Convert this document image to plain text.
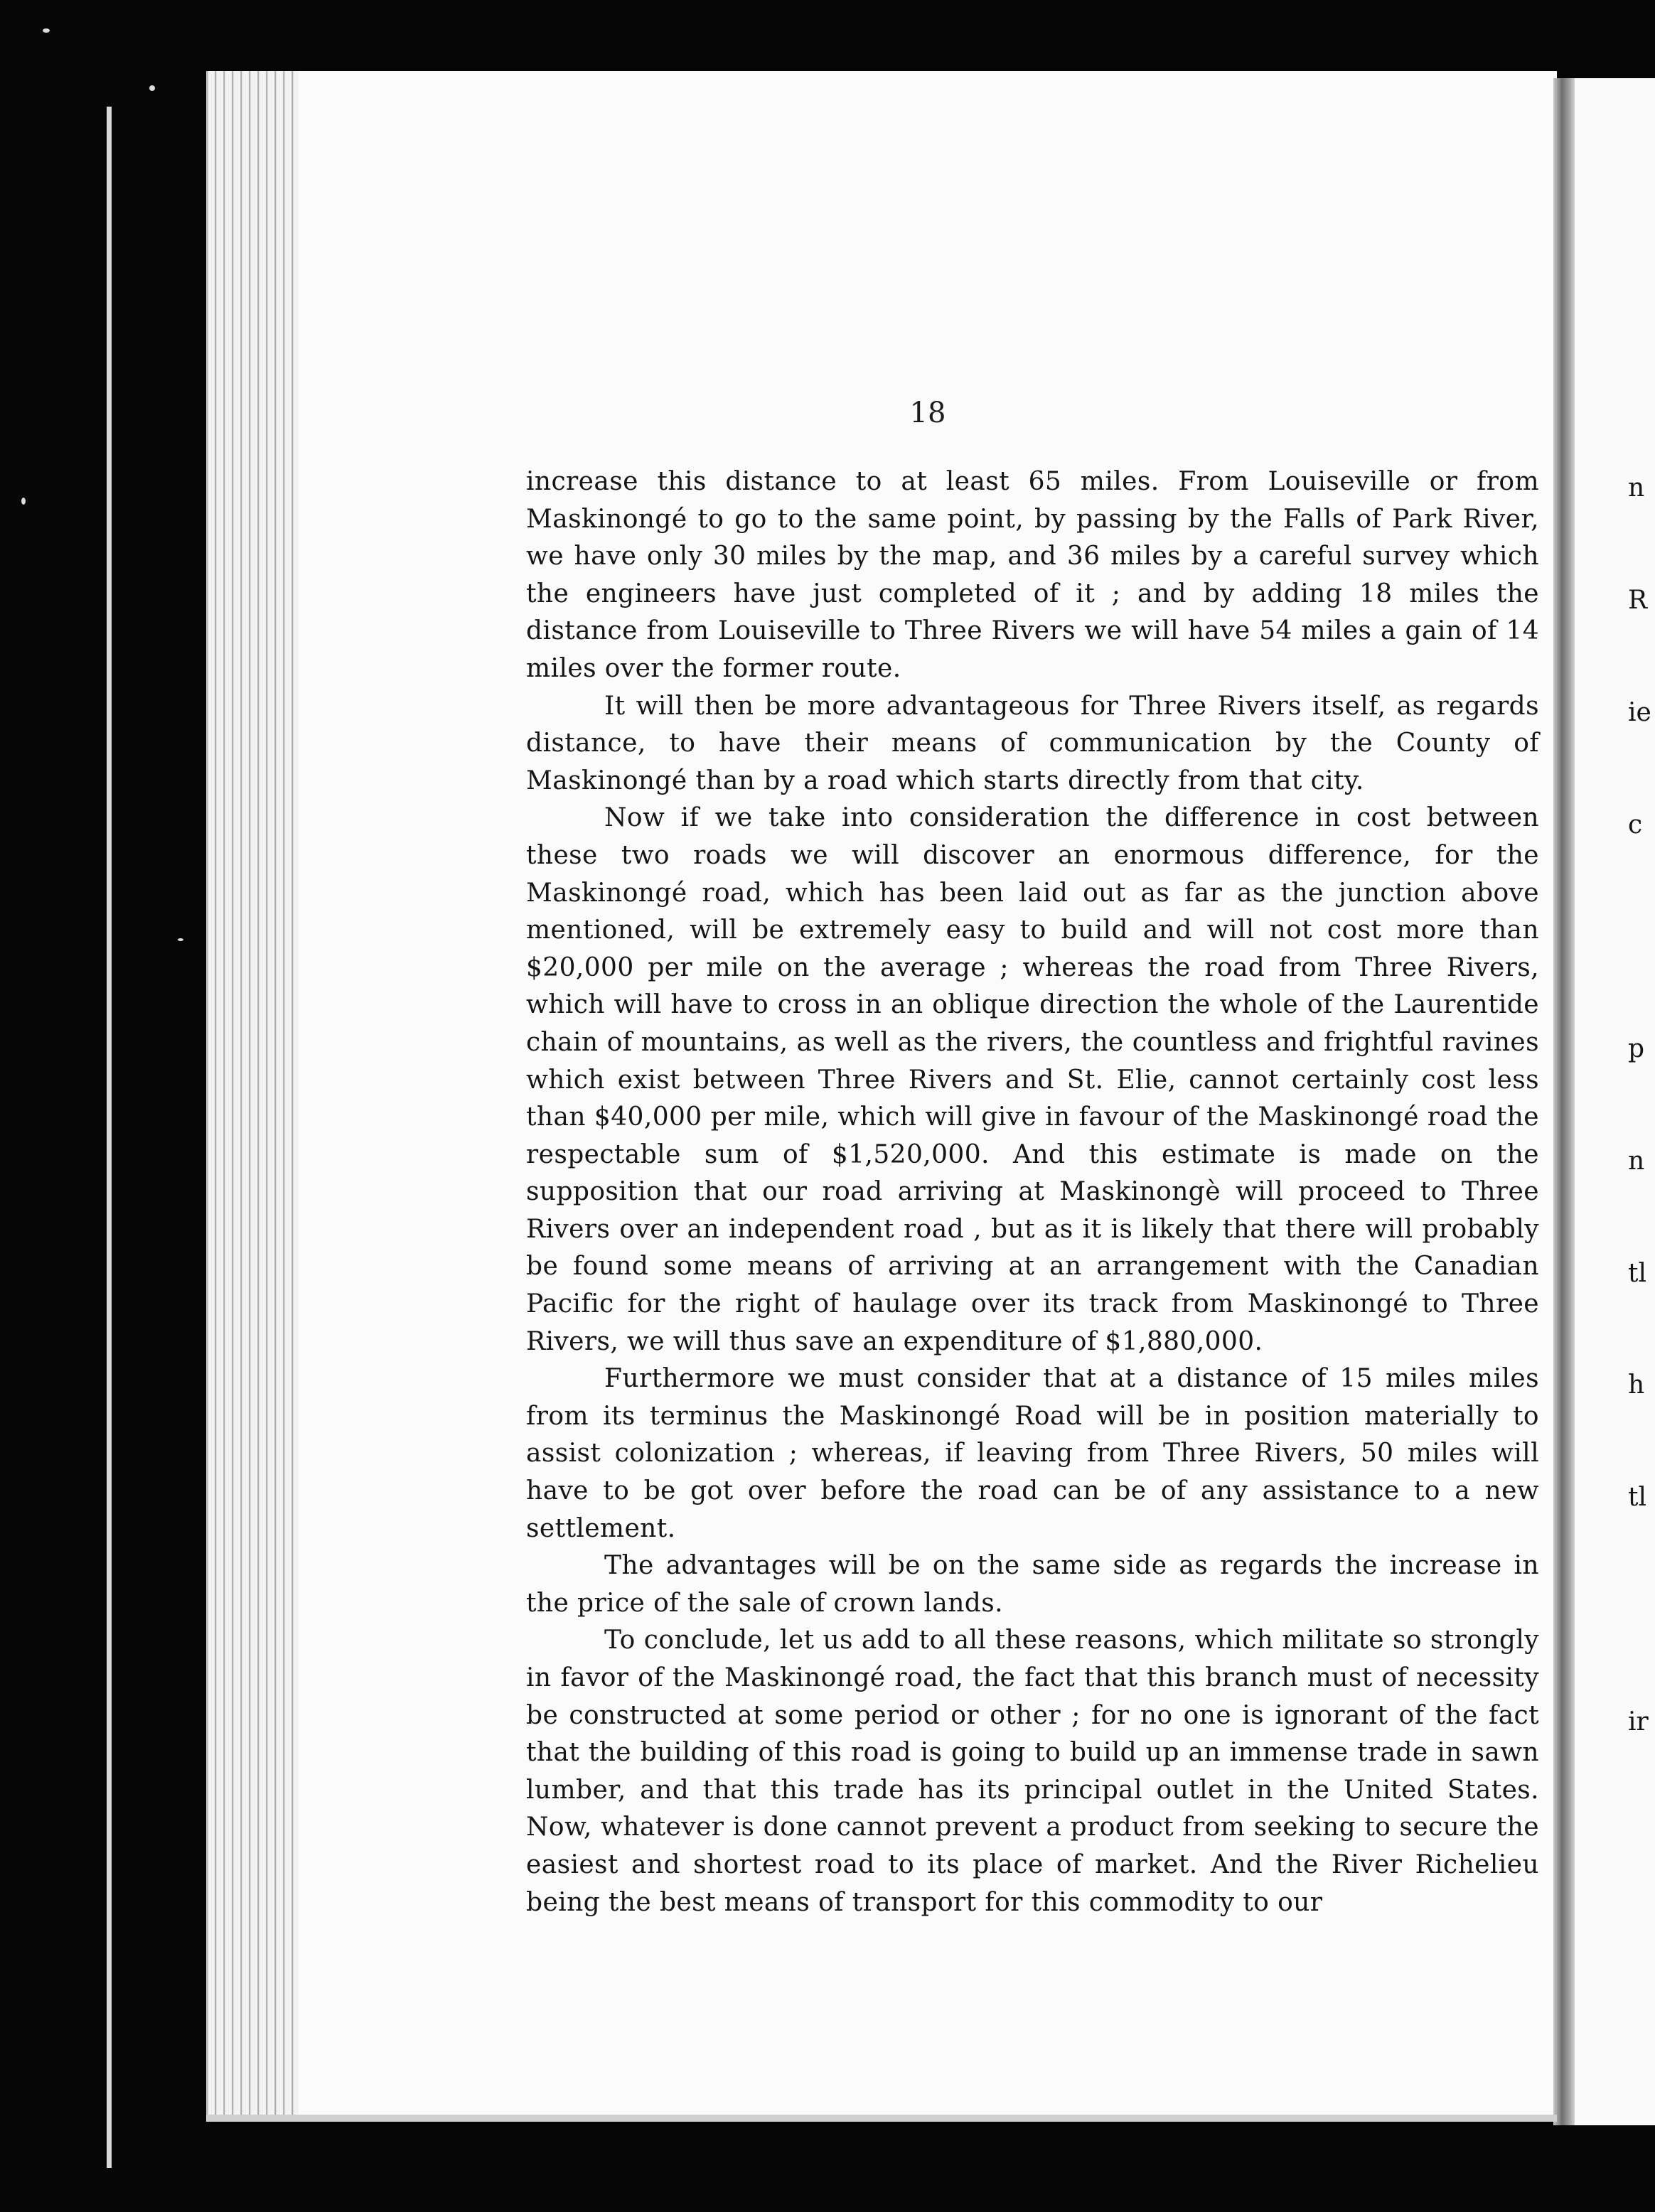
18

increase this distance to at least 65 miles. From Louiseville or from Maskinongé to go to the same point, by passing by the Falls of Park River, we have only 30 miles by the map, and 36 miles by a careful survey which the engineers have just completed of it ; and by adding 18 miles the distance from Louiseville to Three Rivers we will have 54 miles a gain of 14 miles over the former route.

It will then be more advantageous for Three Rivers itself, as regards distance, to have their means of communication by the County of Maskinongé than by a road which starts directly from that city.

Now if we take into consideration the difference in cost between these two roads we will discover an enormous difference, for the Maskinongé road, which has been laid out as far as the junction above mentioned, will be extremely easy to build and will not cost more than $20,000 per mile on the average ; whereas the road from Three Rivers, which will have to cross in an oblique direction the whole of the Laurentide chain of mountains, as well as the rivers, the countless and frightful ravines which exist between Three Rivers and St. Elie, cannot certainly cost less than $40,000 per mile, which will give in favour of the Maskinongé road the respectable sum of $1,520,000. And this estimate is made on the supposition that our road arriving at Maskinongè will proceed to Three Rivers over an independent road , but as it is likely that there will probably be found some means of arriving at an arrangement with the Canadian Pacific for the right of haulage over its track from Maskinongé to Three Rivers, we will thus save an expenditure of $1,880,000.

Furthermore we must consider that at a distance of 15 miles miles from its terminus the Maskinongé Road will be in position materially to assist colonization ; whereas, if leaving from Three Rivers, 50 miles will have to be got over before the road can be of any assistance to a new settlement.

The advantages will be on the same side as regards the increase in the price of the sale of crown lands.

To conclude, let us add to all these reasons, which militate so strongly in favor of the Maskinongé road, the fact that this branch must of necessity be constructed at some period or other ; for no one is ignorant of the fact that the building of this road is going to build up an immense trade in sawn lumber, and that this trade has its principal outlet in the United States. Now, whatever is done cannot prevent a product from seeking to secure the easiest and shortest road to its place of market. And the River Richelieu being the best means of transport for this commodity to our

n

R

ie

c

p

n

tl

h

tl

ir
